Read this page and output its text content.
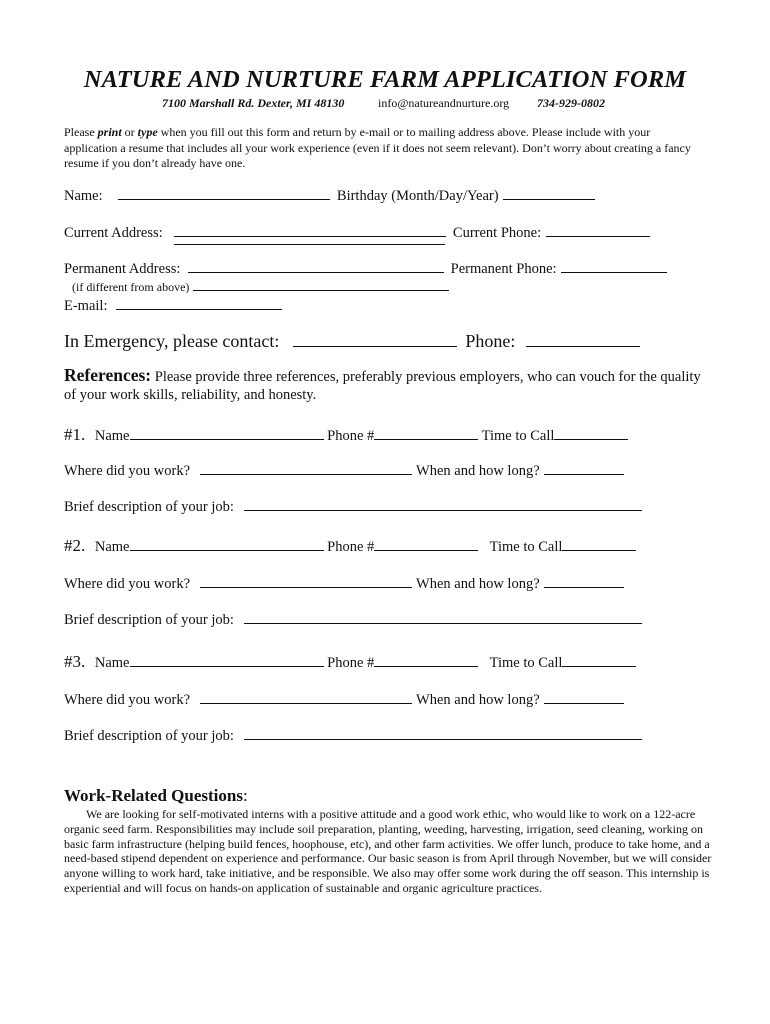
NATURE AND NURTURE FARM APPLICATION FORM
7100 Marshall Rd. Dexter, MI 48130	info@natureandnurture.org 734-929-0802
Please print or type when you fill out this form and return by e-mail or to mailing address above. Please include with your application a resume that includes all your work experience (even if it does not seem relevant). Don’t worry about creating a fancy resume if you don’t already have one.
Name:	Birthday (Month/Day/Year)
Current Address:	Current Phone:
Permanent Address:	Permanent Phone:
(if different from above)
E-mail:
In Emergency, please contact:	Phone:
References: Please provide three references, preferably previous employers, who can vouch for the quality of your work skills, reliability, and honesty.
#1. Name	Phone #	Time to Call
Where did you work?	When and how long?
Brief description of your job:
#2. Name	Phone #	Time to Call
Where did you work?	When and how long?
Brief description of your job:
#3. Name	Phone #	Time to Call
Where did you work?	When and how long?
Brief description of your job:
Work-Related Questions:
We are looking for self-motivated interns with a positive attitude and a good work ethic, who would like to work on a 122-acre organic seed farm. Responsibilities may include soil preparation, planting, weeding, harvesting, irrigation, seed cleaning, working on basic farm infrastructure (helping build fences, hoophouse, etc), and other farm activities. We offer lunch, produce to take home, and a need-based stipend dependent on experience and performance. Our basic season is from April through November, but we will consider anyone willing to work hard, take initiative, and be responsible. We also may offer some work during the off season. This internship is experiential and will focus on hands-on application of sustainable and organic agriculture practices.
